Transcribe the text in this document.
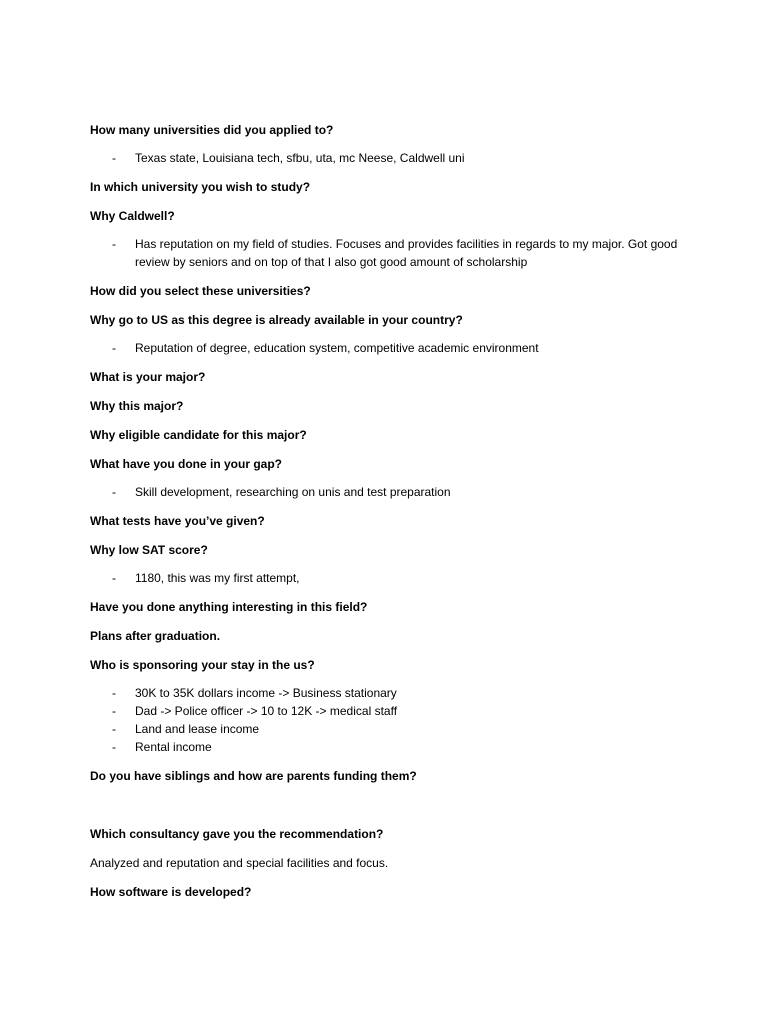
How many universities did you applied to?
- Texas state, Louisiana tech, sfbu, uta, mc Neese, Caldwell uni
In which university you wish to study?
Why Caldwell?
- Has reputation on my field of studies. Focuses and provides facilities in regards to my major. Got good review by seniors and on top of that I also got good amount of scholarship
How did you select these universities?
Why go to US as this degree is already available in your country?
- Reputation of degree, education system, competitive academic environment
What is your major?
Why this major?
Why eligible candidate for this major?
What have you done in your gap?
- Skill development, researching on unis and test preparation
What tests have you’ve given?
Why low SAT score?
- 1180, this was my first attempt,
Have you done anything interesting in this field?
Plans after graduation.
Who is sponsoring your stay in the us?
- 30K to 35K dollars income -> Business stationary
- Dad -> Police officer -> 10 to 12K -> medical staff
- Land and lease income
- Rental income
Do you have siblings and how are parents funding them?
Which consultancy gave you the recommendation?
Analyzed and reputation and special facilities and focus.
How software is developed?
